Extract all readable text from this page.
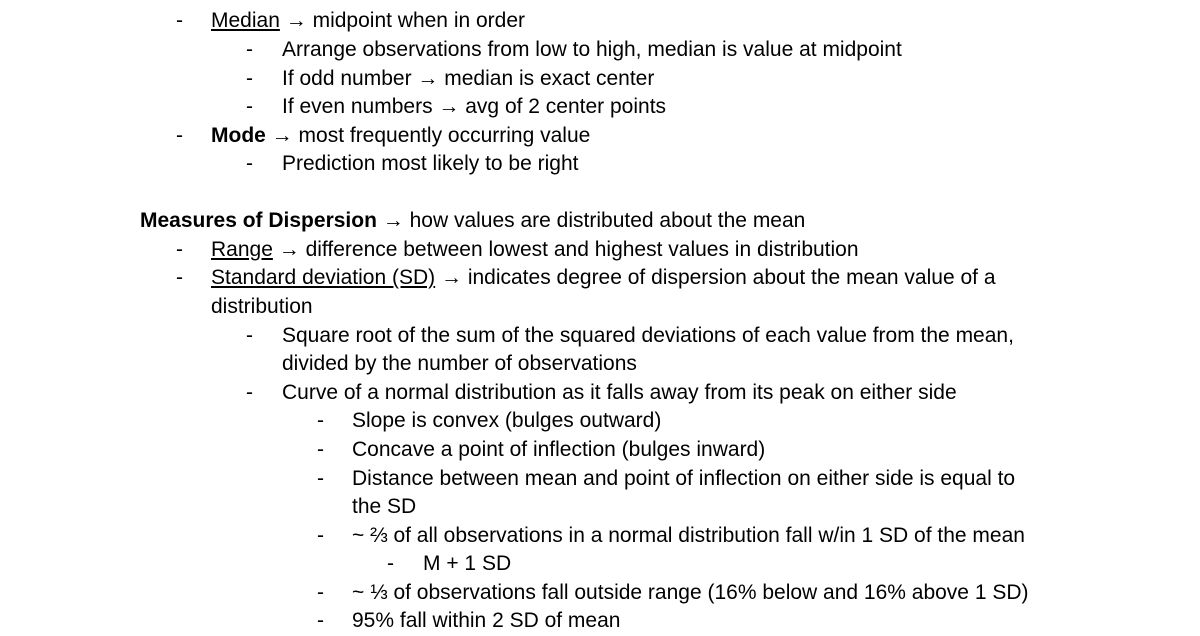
- Median → midpoint when in order
- Arrange observations from low to high, median is value at midpoint
- If odd number → median is exact center
- If even numbers → avg of 2 center points
- Mode → most frequently occurring value
- Prediction most likely to be right
Measures of Dispersion → how values are distributed about the mean
- Range → difference between lowest and highest values in distribution
- Standard deviation (SD) → indicates degree of dispersion about the mean value of a
distribution
- Square root of the sum of the squared deviations of each value from the mean,
divided by the number of observations
- Curve of a normal distribution as it falls away from its peak on either side
- Slope is convex (bulges outward)
- Concave a point of inflection (bulges inward)
- Distance between mean and point of inflection on either side is equal to
the SD
- ~ ⅔ of all observations in a normal distribution fall w/in 1 SD of the mean
- M + 1 SD
- ~ ⅓ of observations fall outside range (16% below and 16% above 1 SD)
- 95% fall within 2 SD of mean
